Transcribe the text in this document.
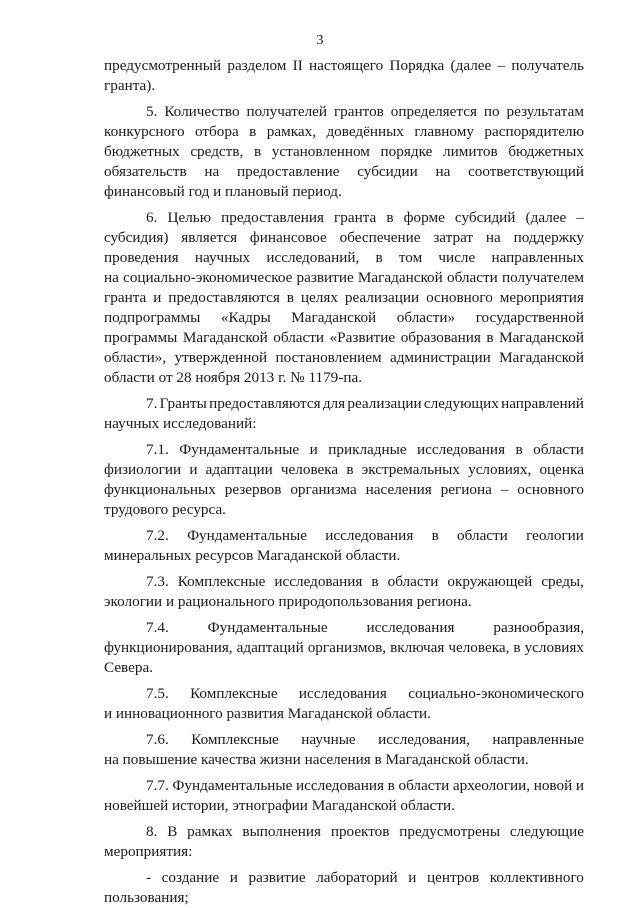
3
предусмотренный разделом II настоящего Порядка (далее – получатель
гранта).
5. Количество получателей грантов определяется по результатам
конкурсного отбора в рамках, доведённых главному распорядителю
бюджетных средств, в установленном порядке лимитов бюджетных
обязательств на предоставление субсидии на соответствующий
финансовый год и плановый период.
6. Целью предоставления гранта в форме субсидий (далее –
субсидия) является финансовое обеспечение затрат на поддержку
проведения научных исследований, в том числе направленных
на социально-экономическое развитие Магаданской области получателем
гранта и предоставляются в целях реализации основного мероприятия
подпрограммы «Кадры Магаданской области» государственной
программы Магаданской области «Развитие образования в Магаданской
области», утвержденной постановлением администрации Магаданской
области от 28 ноября 2013 г. № 1179-па.
7. Гранты предоставляются для реализации следующих направлений
научных исследований:
7.1. Фундаментальные и прикладные исследования в области
физиологии и адаптации человека в экстремальных условиях, оценка
функциональных резервов организма населения региона – основного
трудового ресурса.
7.2. Фундаментальные исследования в области геологии
минеральных ресурсов Магаданской области.
7.3. Комплексные исследования в области окружающей среды,
экологии и рационального природопользования региона.
7.4.	Фундаментальные	исследования	разнообразия,
функционирования, адаптаций организмов, включая человека, в условиях
Севера.
7.5. Комплексные исследования социально-экономического
и инновационного развития Магаданской области.
7.6. Комплексные научные исследования, направленные
на повышение качества жизни населения в Магаданской области.
7.7. Фундаментальные исследования в области археологии, новой и
новейшей истории, этнографии Магаданской области.
8. В рамках выполнения проектов предусмотрены следующие
мероприятия:
- создание и развитие лабораторий и центров коллективного
пользования;
